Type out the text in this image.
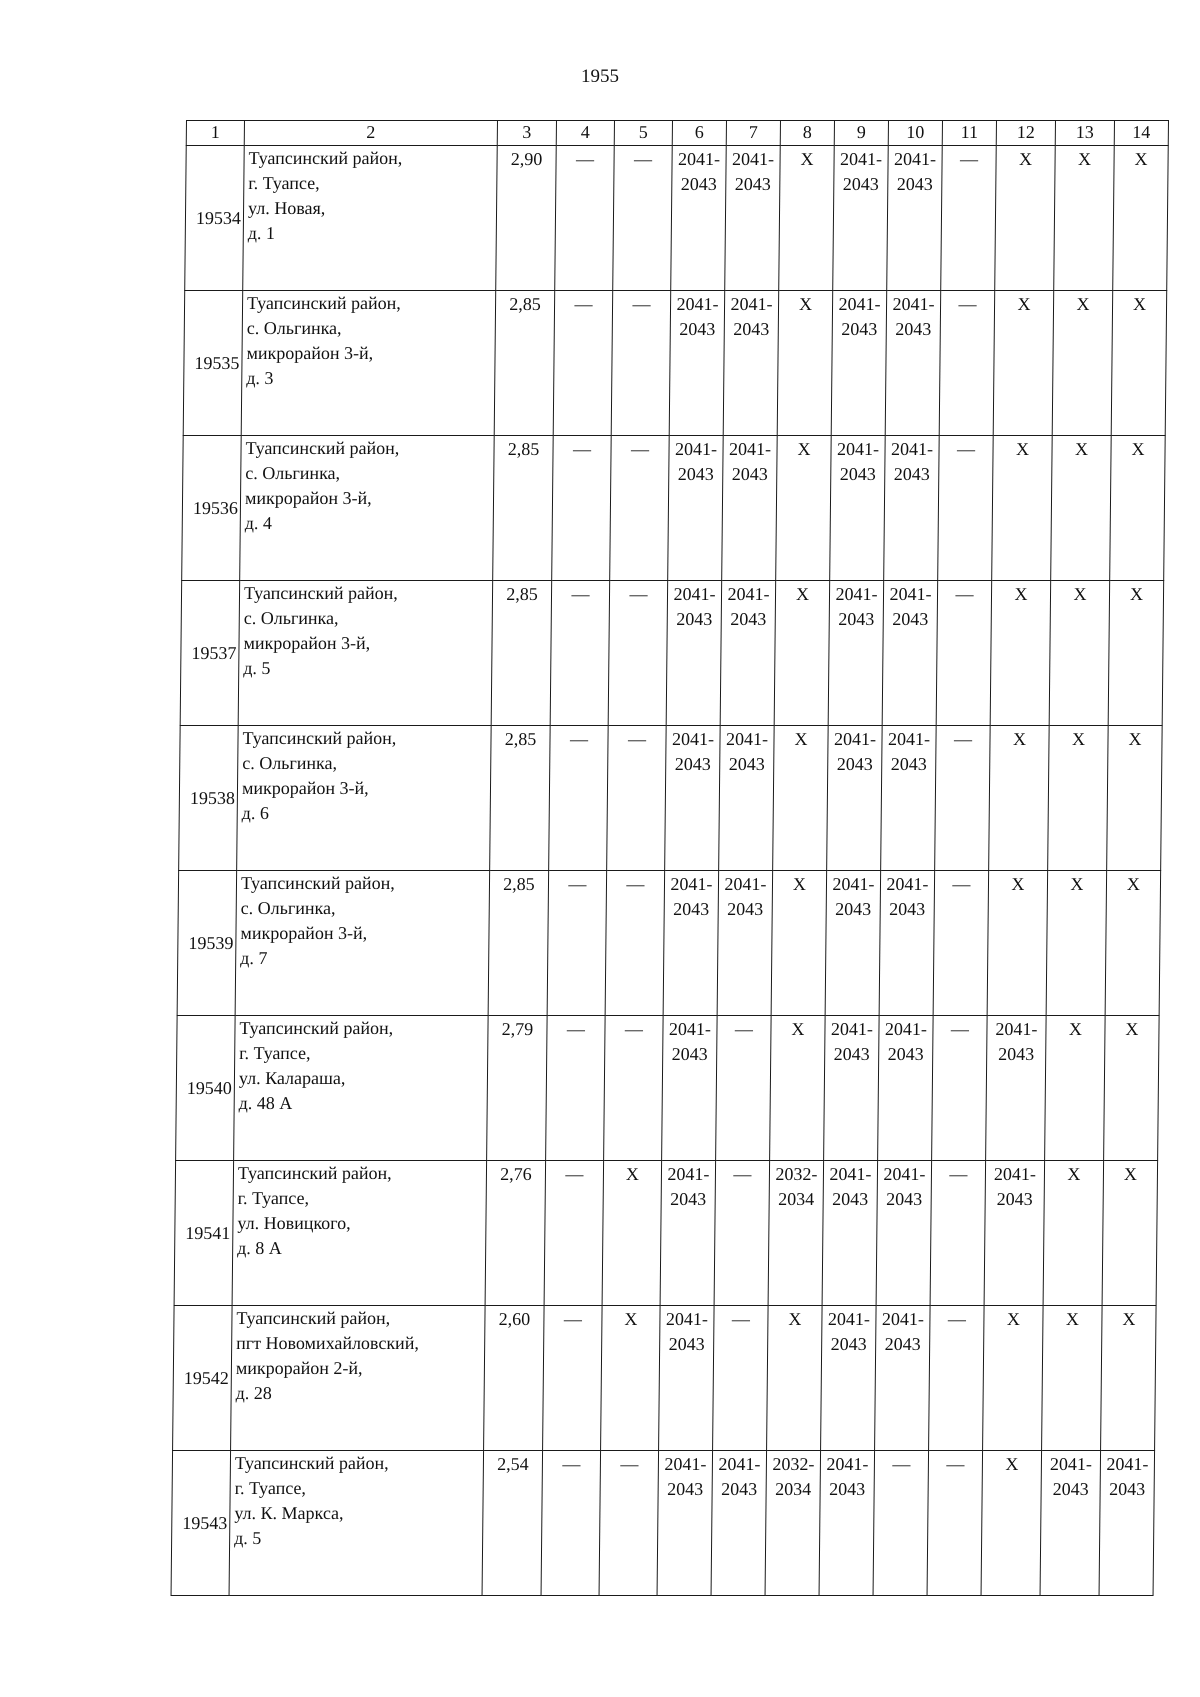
1955
1	2	3	4	5	6	7	8	9	10	11	12	13	14
19534	Туапсинский район,
г. Туапсе,
ул. Новая,
д. 1	2,90	—	—	2041-2043	2041-2043	Х	2041-2043	2041-2043	—	Х	Х	Х
19535	Туапсинский район,
с. Ольгинка,
микрорайон 3-й,
д. 3	2,85	—	—	2041-2043	2041-2043	Х	2041-2043	2041-2043	—	Х	Х	Х
19536	Туапсинский район,
с. Ольгинка,
микрорайон 3-й,
д. 4	2,85	—	—	2041-2043	2041-2043	Х	2041-2043	2041-2043	—	Х	Х	Х
19537	Туапсинский район,
с. Ольгинка,
микрорайон 3-й,
д. 5	2,85	—	—	2041-2043	2041-2043	Х	2041-2043	2041-2043	—	Х	Х	Х
19538	Туапсинский район,
с. Ольгинка,
микрорайон 3-й,
д. 6	2,85	—	—	2041-2043	2041-2043	Х	2041-2043	2041-2043	—	Х	Х	Х
19539	Туапсинский район,
с. Ольгинка,
микрорайон 3-й,
д. 7	2,85	—	—	2041-2043	2041-2043	Х	2041-2043	2041-2043	—	Х	Х	Х
19540	Туапсинский район,
г. Туапсе,
ул. Калараша,
д. 48 А	2,79	—	—	2041-2043	—	Х	2041-2043	2041-2043	—	2041-2043	Х	Х
19541	Туапсинский район,
г. Туапсе,
ул. Новицкого,
д. 8 А	2,76	—	Х	2041-2043	—	2032-2034	2041-2043	2041-2043	—	2041-2043	Х	Х
19542	Туапсинский район,
пгт Новомихайловский,
микрорайон 2-й,
д. 28	2,60	—	Х	2041-2043	—	Х	2041-2043	2041-2043	—	Х	Х	Х
19543	Туапсинский район,
г. Туапсе,
ул. К. Маркса,
д. 5	2,54	—	—	2041-2043	2041-2043	2032-2034	2041-2043	—	—	Х	2041-2043	2041-2043
